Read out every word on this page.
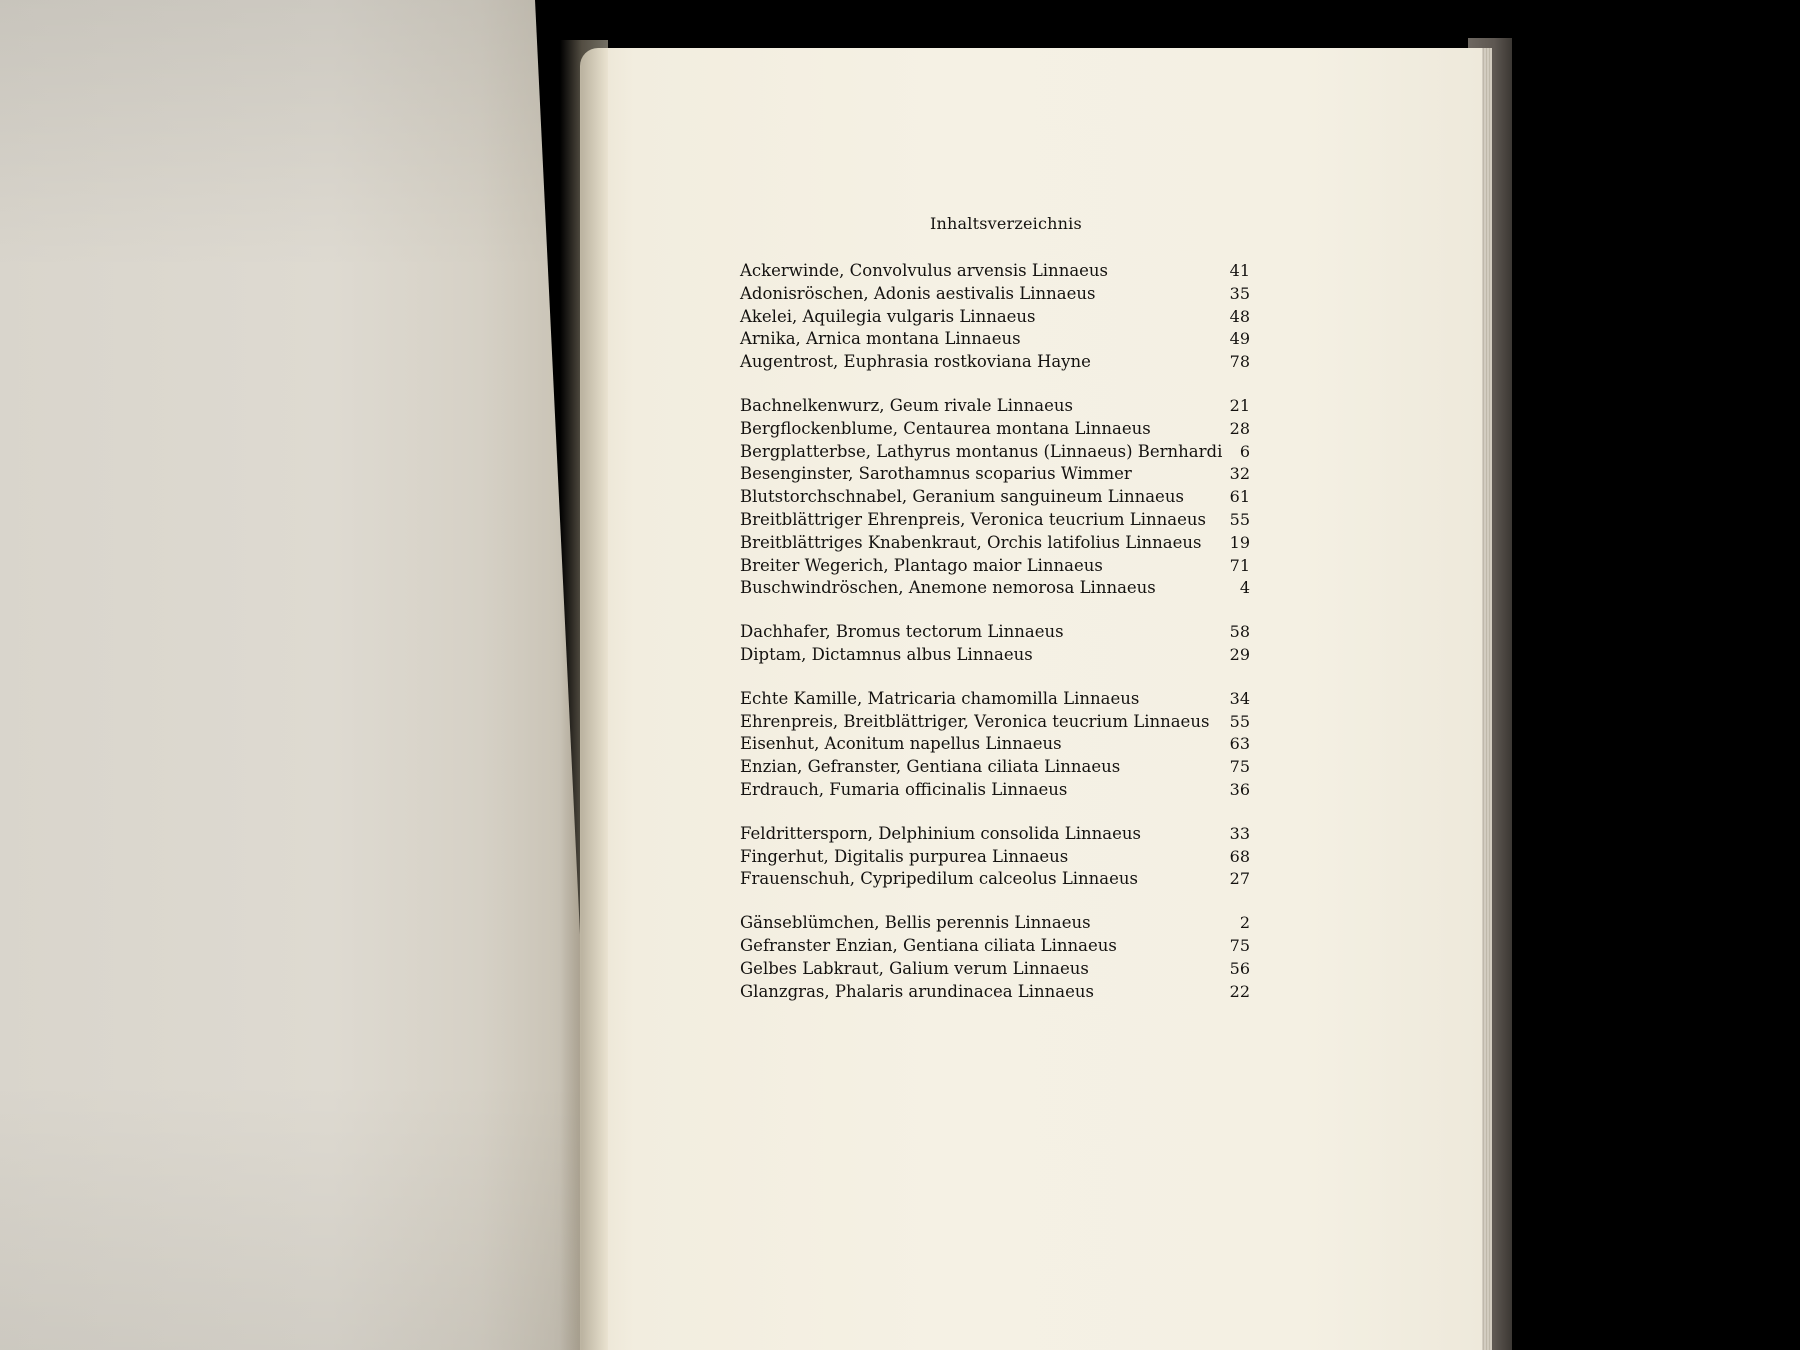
Inhaltsverzeichnis
Ackerwinde, Convolvulus arvensis Linnaeus	41
Adonisröschen, Adonis aestivalis Linnaeus	35
Akelei, Aquilegia vulgaris Linnaeus	48
Arnika, Arnica montana Linnaeus	49
Augentrost, Euphrasia rostkoviana Hayne	78
Bachnelkenwurz, Geum rivale Linnaeus	21
Bergflockenblume, Centaurea montana Linnaeus	28
Bergplatterbse, Lathyrus montanus (Linnaeus) Bernhardi 6
Besenginster, Sarothamnus scoparius Wimmer	32
Blutstorchschnabel, Geranium sanguineum Linnaeus	61
Breitblättriger Ehrenpreis, Veronica teucrium Linnaeus 55
Breitblättriges Knabenkraut, Orchis latifolius Linnaeus 19
Breiter Wegerich, Plantago maior Linnaeus	71
Buschwindröschen, Anemone nemorosa Linnaeus	4
Dachhafer, Bromus tectorum Linnaeus	58
Diptam, Dictamnus albus Linnaeus	29
Echte Kamille, Matricaria chamomilla Linnaeus	34
Ehrenpreis, Breitblättriger, Veronica teucrium Linnaeus 55
Eisenhut, Aconitum napellus Linnaeus	63
Enzian, Gefranster, Gentiana ciliata Linnaeus	75
Erdrauch, Fumaria officinalis Linnaeus	36
Feldrittersporn, Delphinium consolida Linnaeus	33
Fingerhut, Digitalis purpurea Linnaeus	68
Frauenschuh, Cypripedilum calceolus Linnaeus	27
Gänseblümchen, Bellis perennis Linnaeus	2
Gefranster Enzian, Gentiana ciliata Linnaeus	75
Gelbes Labkraut, Galium verum Linnaeus	56
Glanzgras, Phalaris arundinacea Linnaeus	22
